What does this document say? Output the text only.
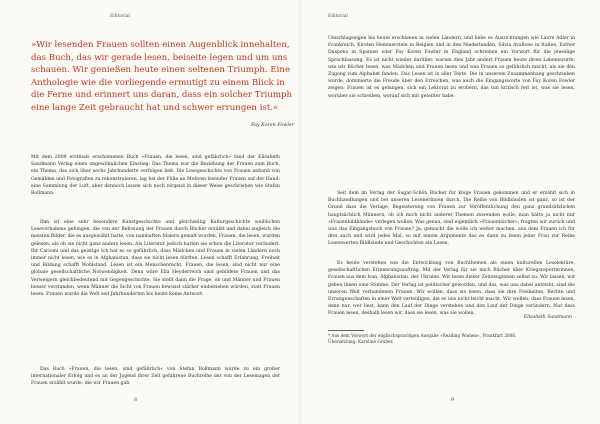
Editorial

»Wir lesenden Frauen sollten einen Augenblick innehalten, das Buch, das wir gerade lesen, beiseite legen und um uns schauen. Wir genießen heute einen seltenen Triumph. Eine Anthologie wie die vorliegende ermutigt zu einem Blick in die Ferne und erinnert uns daran, dass ein solcher Triumph eine lange Zeit gebraucht hat und schwer errungen ist.«

Fay Koren Fowler

Mit dem 2009 erstmals erschienenen Buch »Frauen, die lesen, sind gefährlich« fand der Elisabeth Sandmann Verlag einen ungewöhnlichen Einstieg: Das Thema war die Beziehung der Frauen zum Buch, ein Thema, das sich über sechs Jahrhunderte verfolgen ließ. Die Lesegeschichte von Frauen anhand von Gemälden und Fotografien zu rekonstruieren, lag bei der Fülle an Motiven lesender Frauen auf der Hand: eine Sammlung der Luft, aber dennoch lassen sich noch nirgend in dieser Weise geschrieben wie Stefan Bollmann.

Ihm ist eine sehr besondere Kunstgeschichte und gleichzeitig Kulturgeschichte weiblichen Lesevorhabens gelungen, die von der Befreiung der Frauen durch Bücher erzählt und dabei zugleich die meisten Bilder, die es ausgewählt hatte, von namhaften Malern gemalt worden, Frauen, die lesen, wurden gelesen, als ob sie nicht ganz anders lesen. Als Literatur jedoch hatten sie schon die Literatur verändert. Ihr Cariomi und das geistige Ich hat es so gefährlich, dass Mädchen und Frauen in vielen Ländern noch immer nicht lesen, wie es in Afghanistan, dass sie nicht lesen dürften. Lesen schafft Erfahrung, Freiheit und Bildung schafft Wohlstand. Lesen ist ein Menschenrecht. Frauen, die lesen, sind nicht nur eine globale gesellschaftliche Notwendigkeit. Denn wäre Ella Heyderreich sind gebildete Frauen und das Verweigern gleichbedeutend mit Gegengeschichte. Sie stellt dann die Frage, ob und Männer und Frauen besser verstanden, wenn Männer die Sicht von Frauen bewusst stärker einbeziehen würden, statt Frauen lesen. Frauen wurde die Welt seit Jahrhunderten bis heute keine Antwort.

Das Buch »Frauen, die lesen, sind gefährlich« von Stefan Bollmann wurde zu ein großer internationaler Erfolg und es an der Jugend ihrer Zeit gefahrene Buchreihe der von der Lesemagen der Frauen erzählt wurde, die wir Frauen gab.

8
Editorial

Umschlagseigen bis heute erschienen in vielen Ländern, und liebe es Ausrichtungen wie Laure Adler in Frankreich, Kirsten Hemmerstein in Belgien und in den Niederlanden, Silvia Avallone in Italien, Esther Duspens in Spanien oder Fay Koren Fowler in England schrieben ein Vorwort für die jeweilige Sprachfassung. Es ist nicht wieder darüber, warum dies Jahr andert Frauen heute ihren Lebenswurfe, wie wir Bücher lesen, was Mädchen und Frauen lesen und was Frauen so gefährlich macht, als sie den Zugang zum Alphabet fanden. Das Lesen ist in aller Texte. Die in unserem Zusammenhang geschrieben wurde, dominierte die Freude über den Erreichen, was auch die Eingangsworte von Fay Koren Fowler zeigen: Frauen ist es gelungen, sich ein Lektorat zu erobern, das tun kritisch fett ist, was sie lesen, worüber sie schreiben, worauf sich mit geteilter habe.

Seit dem im Verlag der Sugar-Schön Bücher für kluge Frauen gekommen und er erzählt sich in Buchhandlungen und bei unseren Lesenerinnen durch. Die Reihe von Bildbänden ist ganz, so ist der Grund dass die Verlage, Begeisterung von Frauen zur Veröffentlichung den ganz grundsätzlichen hauptsächlich Männern, ob ich mich nicht anderer Themen zuwenden wolle, man hätte ja nicht nur »Frauenbildbände« verlegen wollen. Was genau, sind eigentlich »Frauenbücher«, fragten wir zurück und was das Eingangsbuch von Frauen? Ja, gemacht die wolle ich weiter machen, aus dem Frauen ich für drei auch und wird jedes Mal, so mit einem Argumente das es dann zu lesen jeder Frau zur Reihe Lesenwerten Bildbände und Geschichten ein Lesen.

Es heute verstehen wie die Entwicklung von Buchthemen als einen kulturellen Leselektüre, gesellschaftlichen Erinnerungsauftrag. Mit der Verlag für sie mich Bücher über Kriegsreporterinnen, Frauen aus dem Iran, Afghanistan, der Ukraine. Wir lesen dieser Zeitzeuginnen selbst zu. Wir lassen, wir geben ihnen eine Stimme. Der Verlag ist politischer geworden, und das, was uns dabei antreibt, sind die unseren Welt verbundenen Frauen. Wir wollen, dass sie lesen, dass sie ihre Freiheiten, Rechte und Errungenschaften in einer Welt verteidigen, die es uns nicht leicht macht. Wir wollen, dass Frauen lesen, denn nur, wer liest, kann den Lauf der Dinge verstehen und den Lauf der Dinge verändern. Nur dass Frauen lesen, deshalb lesen wir, dass sie lesen, was sie wollen.

Elisabeth Sandmann
* Aus dem Vorwort der englischsprachigen Ausgabe »Reading Women«, Frankfurt 2008. Übersetzung: Karoline Gruber.
9
